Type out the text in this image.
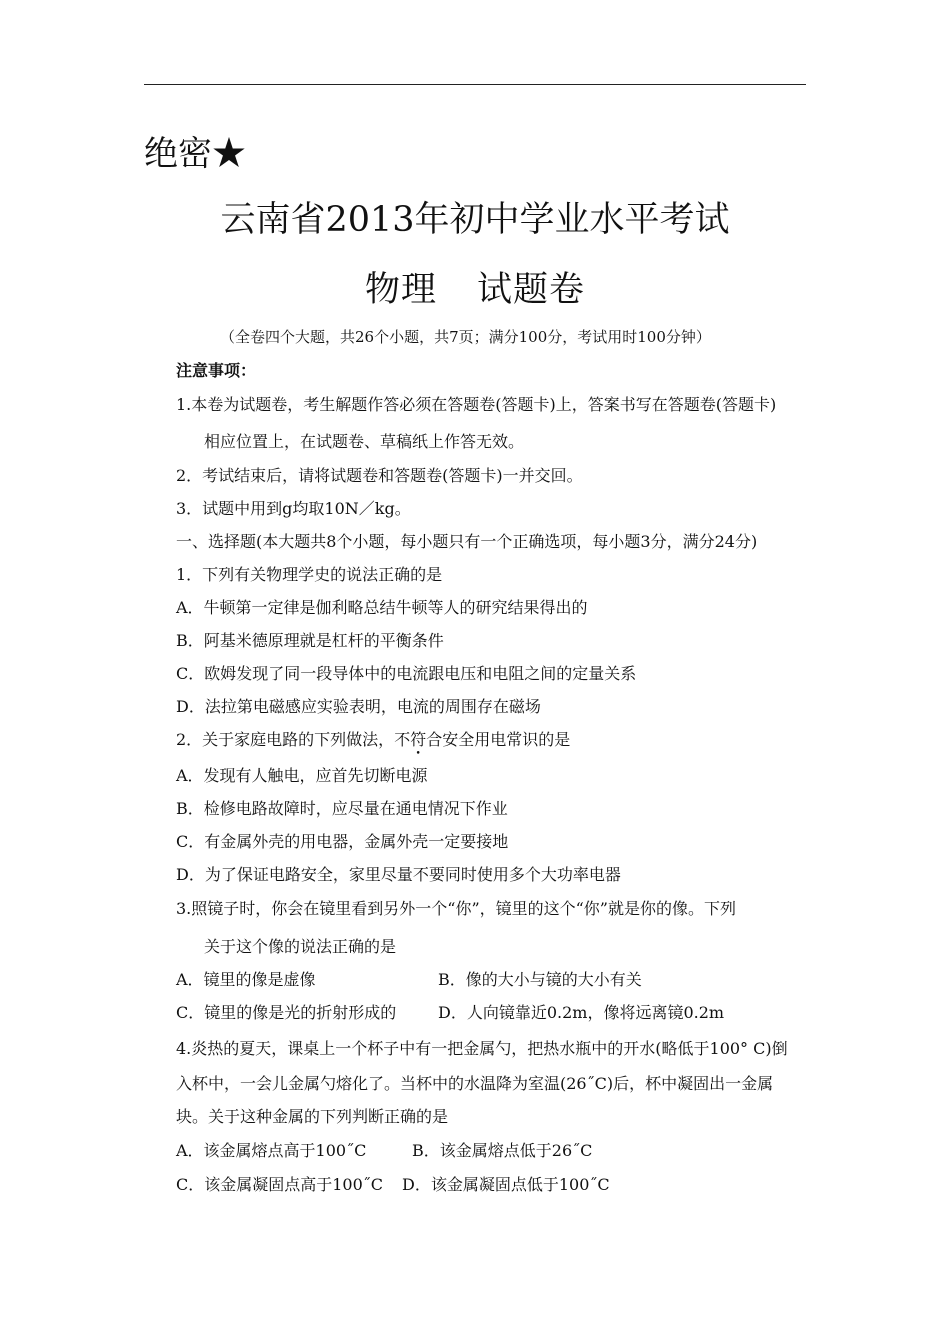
绝密★
云南省2013年初中学业水平考试
物理 试题卷
（全卷四个大题，共26个小题，共7页；满分100分，考试用时100分钟）
注意事项：
1.本卷为试题卷，考生解题作答必须在答题卷(答题卡)上，答案书写在答题卷(答题卡)
相应位置上，在试题卷、草稿纸上作答无效。
2．考试结束后，请将试题卷和答题卷(答题卡)一并交回。
3．试题中用到g均取10N／kg。
一、选择题(本大题共8个小题，每小题只有一个正确选项，每小题3分，满分24分)
1．下列有关物理学史的说法正确的是
A．牛顿第一定律是伽利略总结牛顿等人的研究结果得出的
B．阿基米德原理就是杠杆的平衡条件
C．欧姆发现了同一段导体中的电流跟电压和电阻之间的定量关系
D．法拉第电磁感应实验表明，电流的周围存在磁场
2．关于家庭电路的下列做法，不符合安全用电常识的是
A．发现有人触电，应首先切断电源
B．检修电路故障时，应尽量在通电情况下作业
C．有金属外壳的用电器，金属外壳一定要接地
D．为了保证电路安全，家里尽量不要同时使用多个大功率电器
3.照镜子时，你会在镜里看到另外一个“你”，镜里的这个“你”就是你的像。下列
关于这个像的说法正确的是
A．镜里的像是虚像	B．像的大小与镜的大小有关
C．镜里的像是光的折射形成的	D．人向镜靠近0.2m，像将远离镜0.2m
4.炎热的夏天，课桌上一个杯子中有一把金属勺，把热水瓶中的开水(略低于100° C)倒
入杯中，一会儿金属勺熔化了。当杯中的水温降为室温(26˝C)后，杯中凝固出一金属
块。关于这种金属的下列判断正确的是
A．该金属熔点高于100˝C	B．该金属熔点低于26˝C
C．该金属凝固点高于100˝C D．该金属凝固点低于100˝C
